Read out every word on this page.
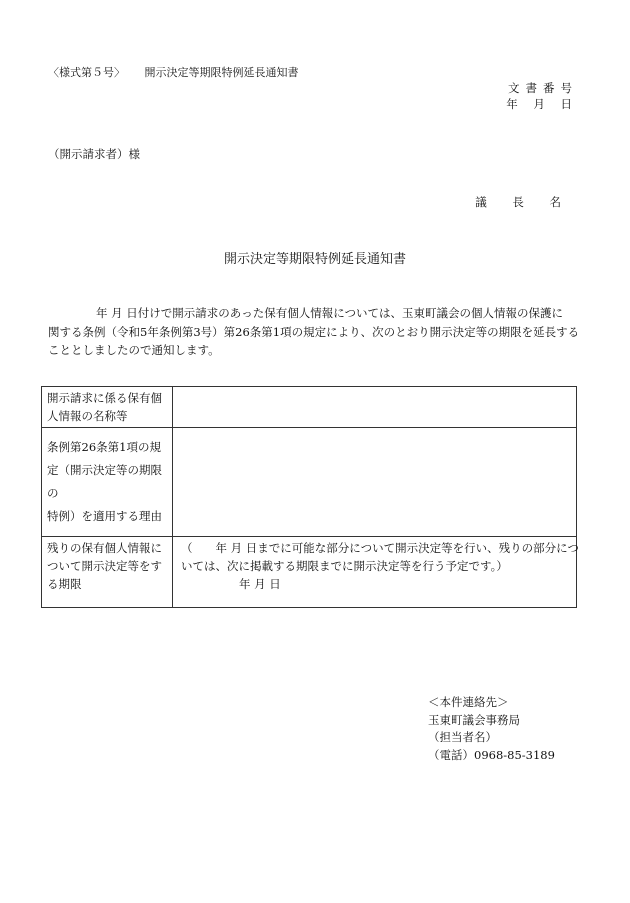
〈様式第５号〉 開示決定等期限特例延長通知書
文書番号
年 月 日
（開示請求者）様
議 長 名
開示決定等期限特例延長通知書
年 月 日付けで開示請求のあった保有個人情報については、玉東町議会の個人情報の保護に
関する条例（令和5年条例第3号）第26条第1項の規定により、次のとおり開示決定等の期限を延長する
こととしましたので通知します。
開示請求に係る保有個
人情報の名称等	

条例第26条第1項の規
定（開示決定等の期限の
特例）を適用する理由	

残りの保有個人情報に
ついて開示決定等をす
る期限	（　　年 月 日までに可能な部分について開示決定等を行い、残りの部分につ
いては、次に掲載する期限までに開示決定等を行う予定です。）
年 月 日
＜本件連絡先＞
玉東町議会事務局
（担当者名）
（電話）0968-85-3189
